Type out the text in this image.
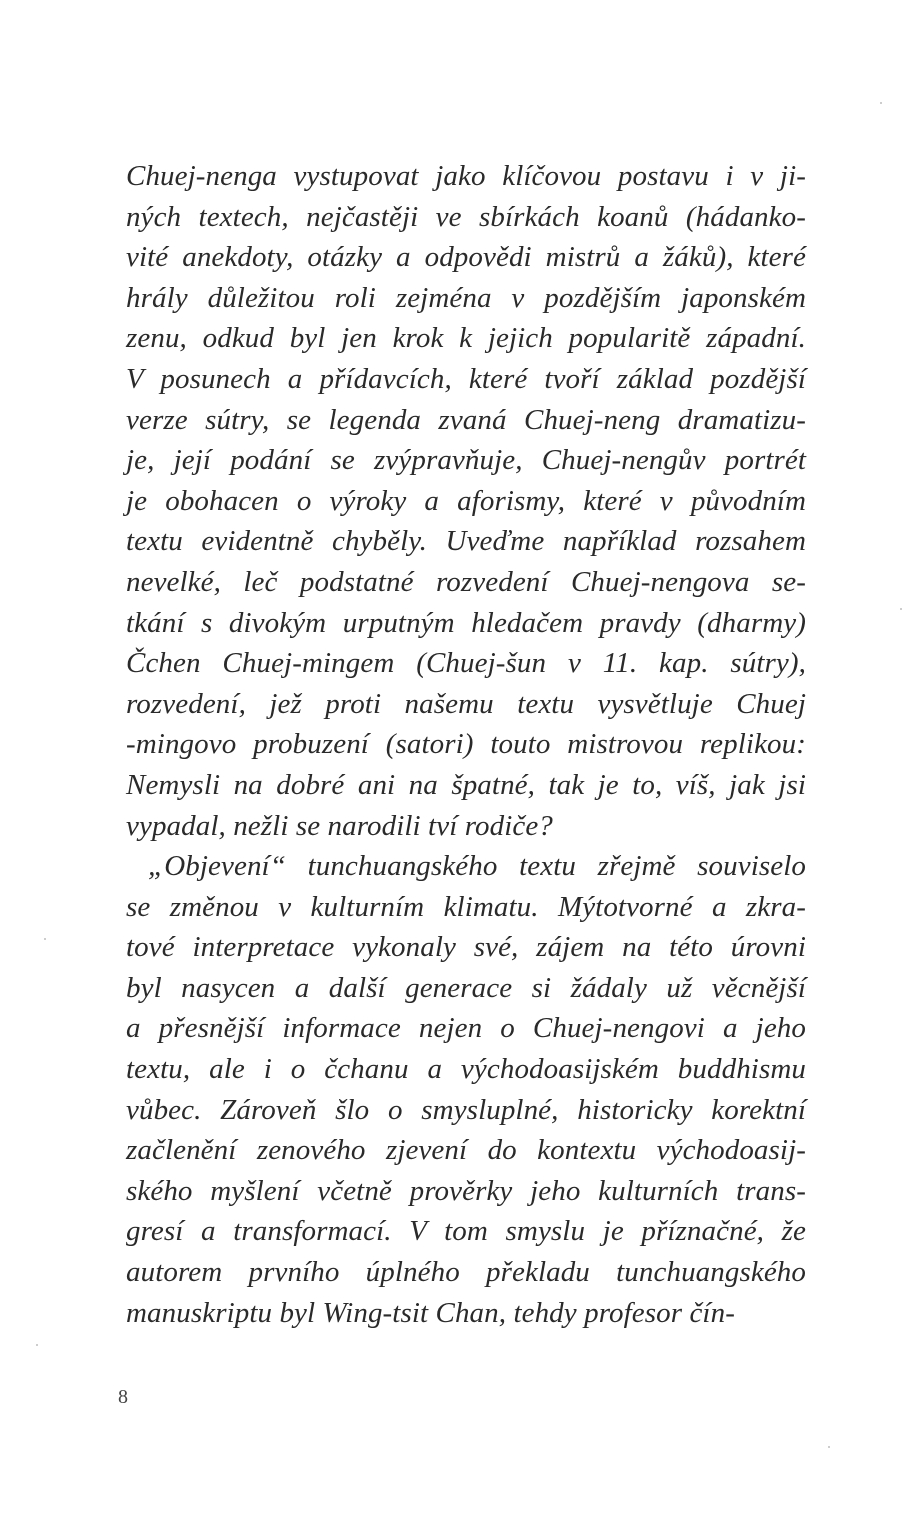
Chuej-nenga vystupovat jako klíčovou postavu i v ji-
ných textech, nejčastěji ve sbírkách koanů (hádanko-
vité anekdoty, otázky a odpovědi mistrů a žáků), které
hrály důležitou roli zejména v pozdějším japonském
zenu, odkud byl jen krok k jejich popularitě západní.
V posunech a přídavcích, které tvoří základ pozdější
verze sútry, se legenda zvaná Chuej-neng dramatizu-
je, její podání se zvýpravňuje, Chuej-nengův portrét
je obohacen o výroky a aforismy, které v původním
textu evidentně chyběly. Uveďme například rozsahem
nevelké, leč podstatné rozvedení Chuej-nengova se-
tkání s divokým urputným hledačem pravdy (dharmy)
Čchen Chuej-mingem (Chuej-šun v 11. kap. sútry),
rozvedení, jež proti našemu textu vysvětluje Chuej
-mingovo probuzení (satori) touto mistrovou replikou:
Nemysli na dobré ani na špatné, tak je to, víš, jak jsi
vypadal, nežli se narodili tví rodiče?
„Objevení“ tunchuangského textu zřejmě souviselo
se změnou v kulturním klimatu. Mýtotvorné a zkra-
tové interpretace vykonaly své, zájem na této úrovni
byl nasycen a další generace si žádaly už věcnější
a přesnější informace nejen o Chuej-nengovi a jeho
textu, ale i o čchanu a východoasijském buddhismu
vůbec. Zároveň šlo o smysluplné, historicky korektní
začlenění zenového zjevení do kontextu východoasij-
ského myšlení včetně prověrky jeho kulturních trans-
gresí a transformací. V tom smyslu je příznačné, že
autorem prvního úplného překladu tunchuangského
manuskriptu byl Wing-tsit Chan, tehdy profesor čín-
8
